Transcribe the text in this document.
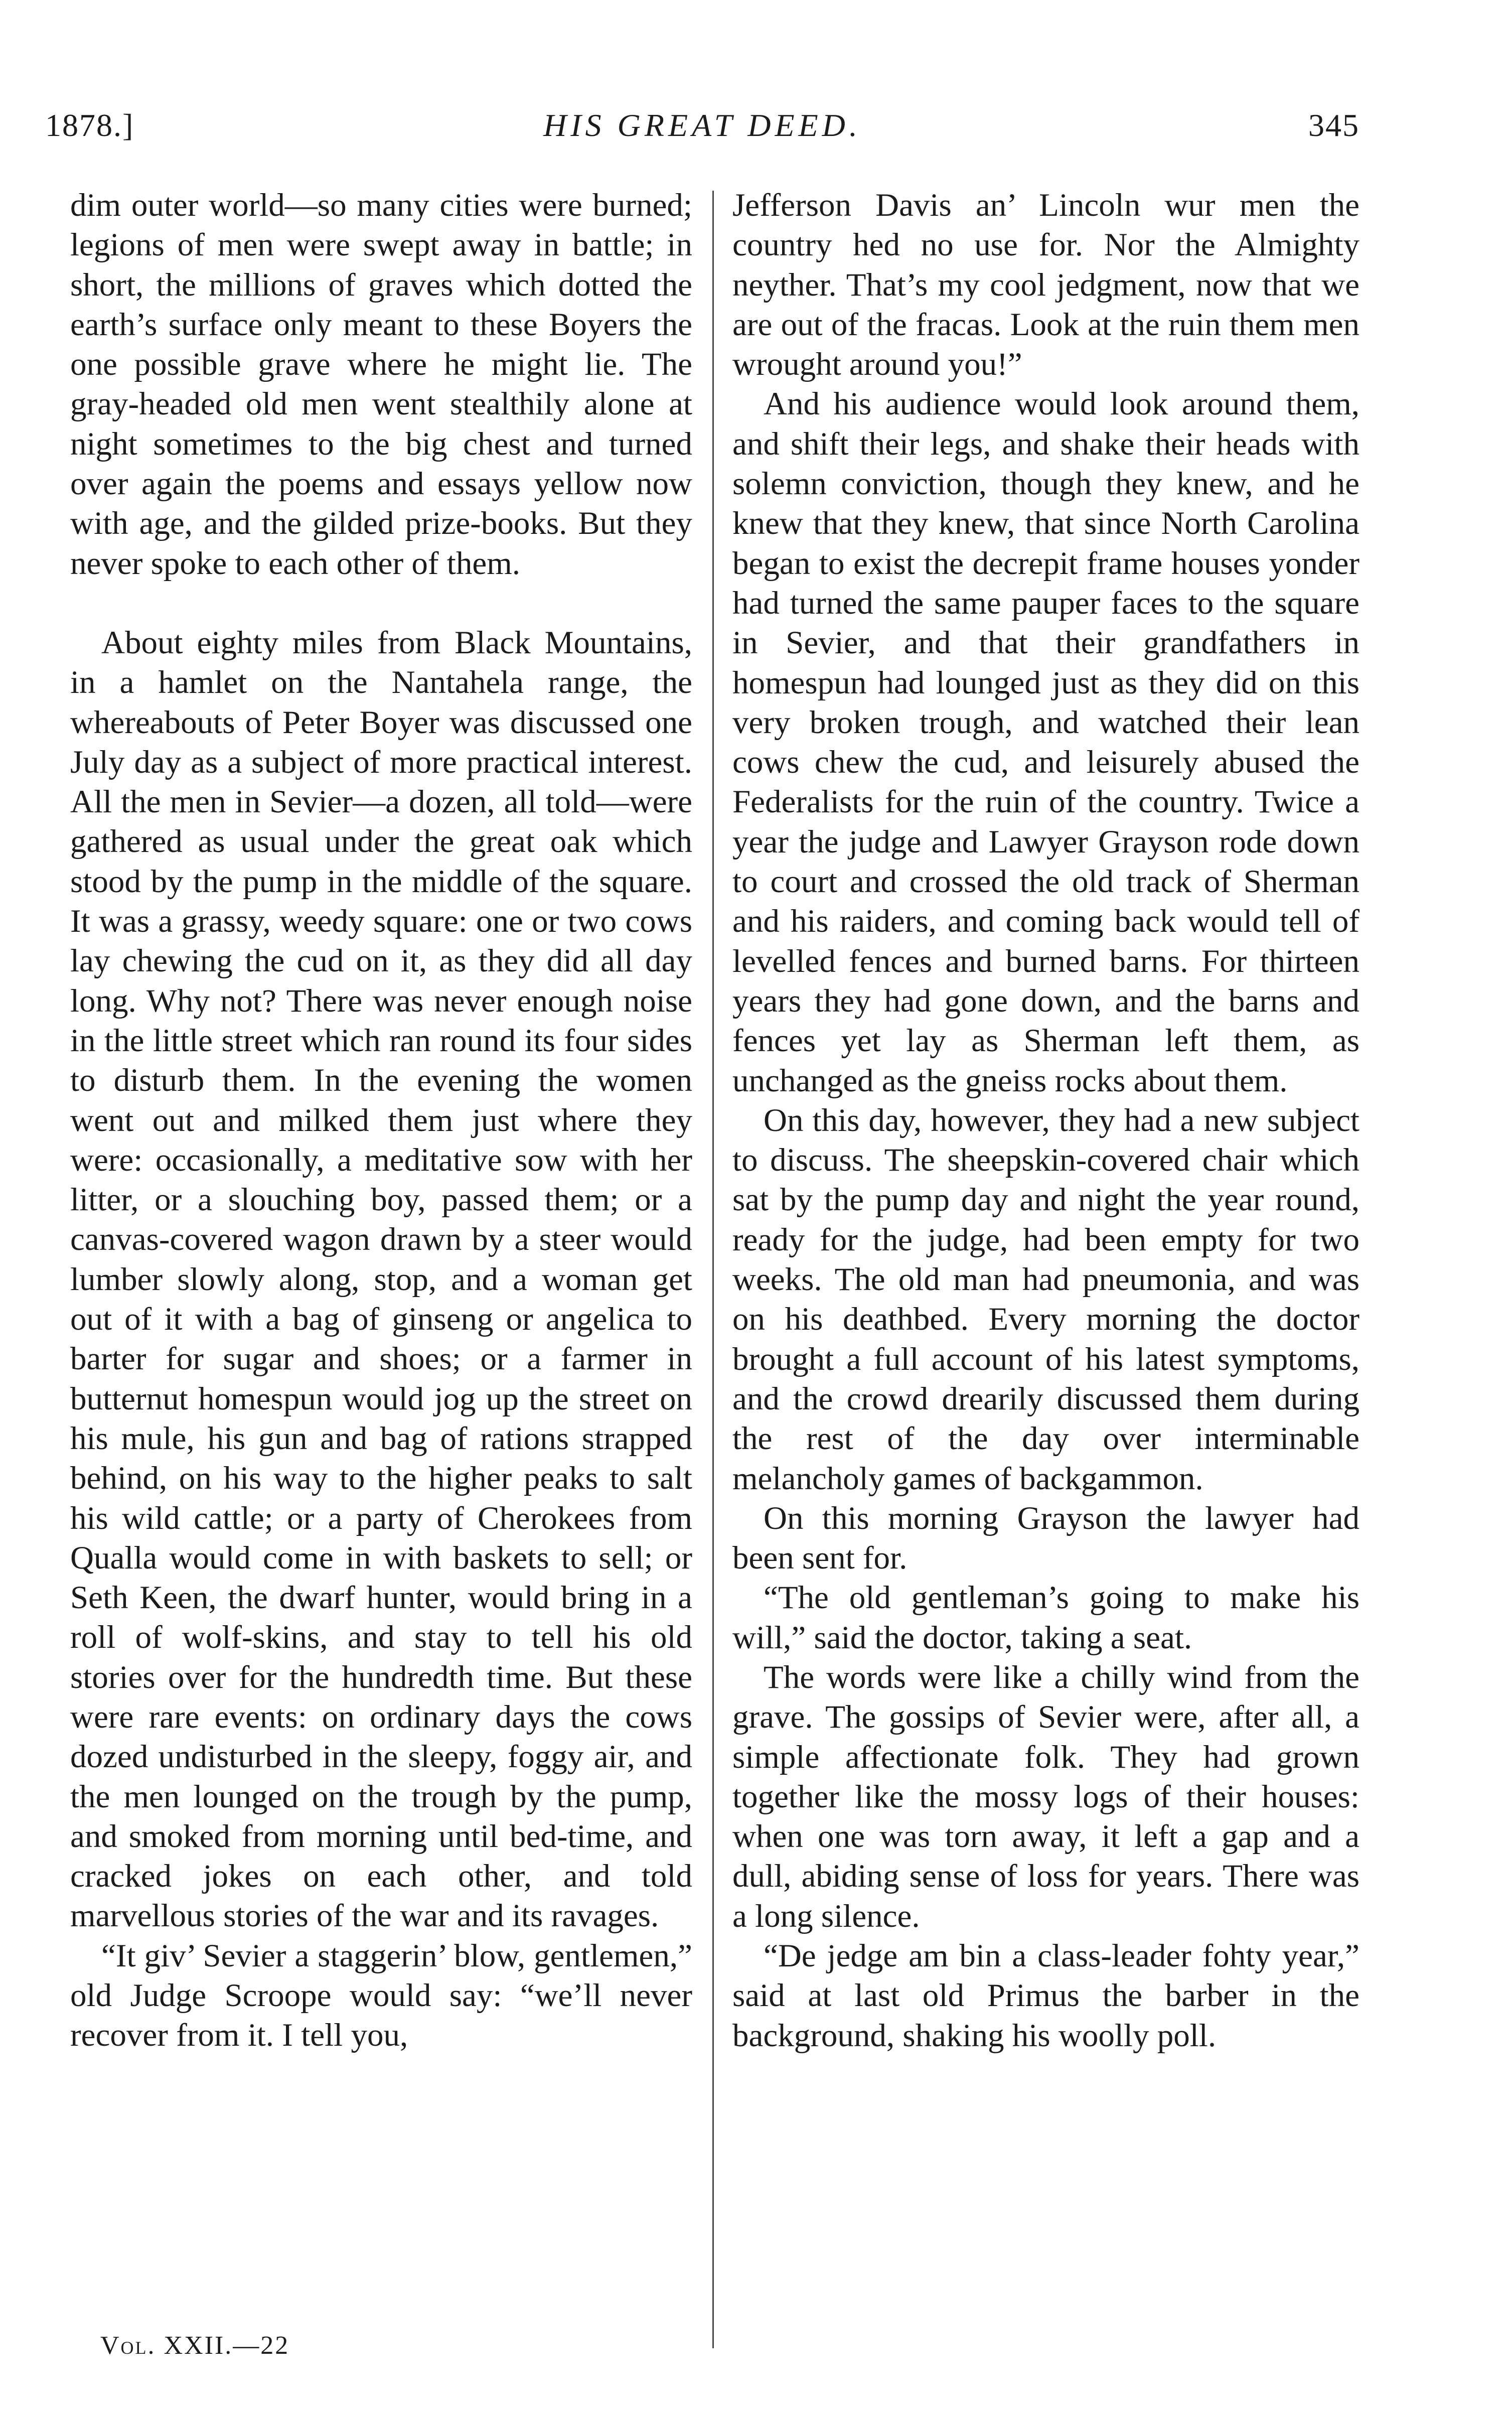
1878.]	HIS GREAT DEED.	345

dim outer world—so many cities were burned; legions of men were swept away in battle; in short, the millions of graves which dotted the earth’s surface only meant to these Boyers the one possible grave where he might lie. The gray-headed old men went stealthily alone at night sometimes to the big chest and turned over again the poems and essays yellow now with age, and the gilded prize-books. But they never spoke to each other of them.

About eighty miles from Black Mountains, in a hamlet on the Nantahela range, the whereabouts of Peter Boyer was discussed one July day as a subject of more practical interest. All the men in Sevier—a dozen, all told—were gathered as usual under the great oak which stood by the pump in the middle of the square. It was a grassy, weedy square: one or two cows lay chewing the cud on it, as they did all day long. Why not? There was never enough noise in the little street which ran round its four sides to disturb them. In the evening the women went out and milked them just where they were: occasionally, a meditative sow with her litter, or a slouching boy, passed them; or a canvas-covered wagon drawn by a steer would lumber slowly along, stop, and a woman get out of it with a bag of ginseng or angelica to barter for sugar and shoes; or a farmer in butternut homespun would jog up the street on his mule, his gun and bag of rations strapped behind, on his way to the higher peaks to salt his wild cattle; or a party of Cherokees from Qualla would come in with baskets to sell; or Seth Keen, the dwarf hunter, would bring in a roll of wolf-skins, and stay to tell his old stories over for the hundredth time. But these were rare events: on ordinary days the cows dozed undisturbed in the sleepy, foggy air, and the men lounged on the trough by the pump, and smoked from morning until bed-time, and cracked jokes on each other, and told marvellous stories of the war and its ravages.

“It giv’ Sevier a staggerin’ blow, gentlemen,” old Judge Scroope would say: “we’ll never recover from it. I tell you,

Jefferson Davis an’ Lincoln wur men the country hed no use for. Nor the Almighty neyther. That’s my cool jedgment, now that we are out of the fracas. Look at the ruin them men wrought around you!”

And his audience would look around them, and shift their legs, and shake their heads with solemn conviction, though they knew, and he knew that they knew, that since North Carolina began to exist the decrepit frame houses yonder had turned the same pauper faces to the square in Sevier, and that their grandfathers in homespun had lounged just as they did on this very broken trough, and watched their lean cows chew the cud, and leisurely abused the Federalists for the ruin of the country. Twice a year the judge and Lawyer Grayson rode down to court and crossed the old track of Sherman and his raiders, and coming back would tell of levelled fences and burned barns. For thirteen years they had gone down, and the barns and fences yet lay as Sherman left them, as unchanged as the gneiss rocks about them.

On this day, however, they had a new subject to discuss. The sheepskin-covered chair which sat by the pump day and night the year round, ready for the judge, had been empty for two weeks. The old man had pneumonia, and was on his deathbed. Every morning the doctor brought a full account of his latest symptoms, and the crowd drearily discussed them during the rest of the day over interminable melancholy games of backgammon.

On this morning Grayson the lawyer had been sent for.

“The old gentleman’s going to make his will,” said the doctor, taking a seat.

The words were like a chilly wind from the grave. The gossips of Sevier were, after all, a simple affectionate folk. They had grown together like the mossy logs of their houses: when one was torn away, it left a gap and a dull, abiding sense of loss for years. There was a long silence.

“De jedge am bin a class-leader fohty year,” said at last old Primus the barber in the background, shaking his woolly poll.

Vol. XXII.—22
